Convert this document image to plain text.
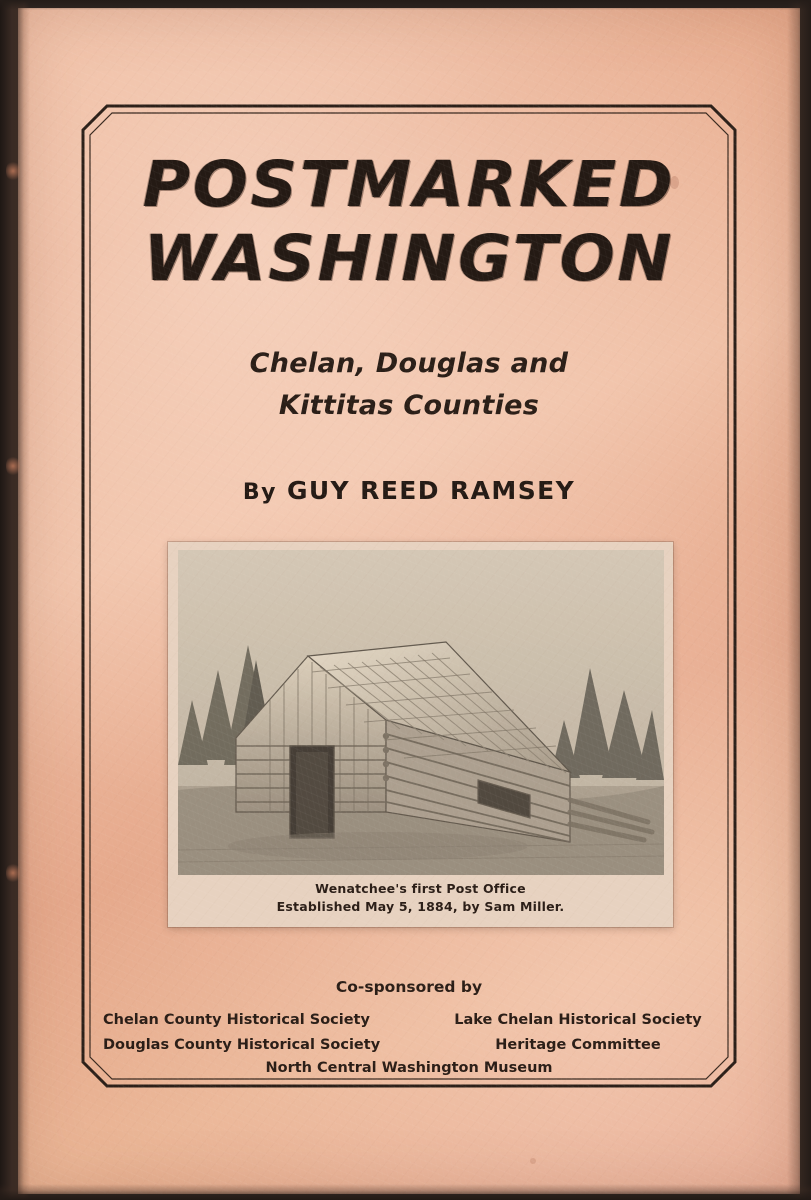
POSTMARKED
WASHINGTON
Chelan, Douglas and
Kittitas Counties
By GUY REED RAMSEY
Wenatchee's first Post Office
Established May 5, 1884, by Sam Miller.
Co-sponsored by
Chelan County Historical Society
Douglas County Historical Society
Lake Chelan Historical Society
Heritage Committee
North Central Washington Museum
